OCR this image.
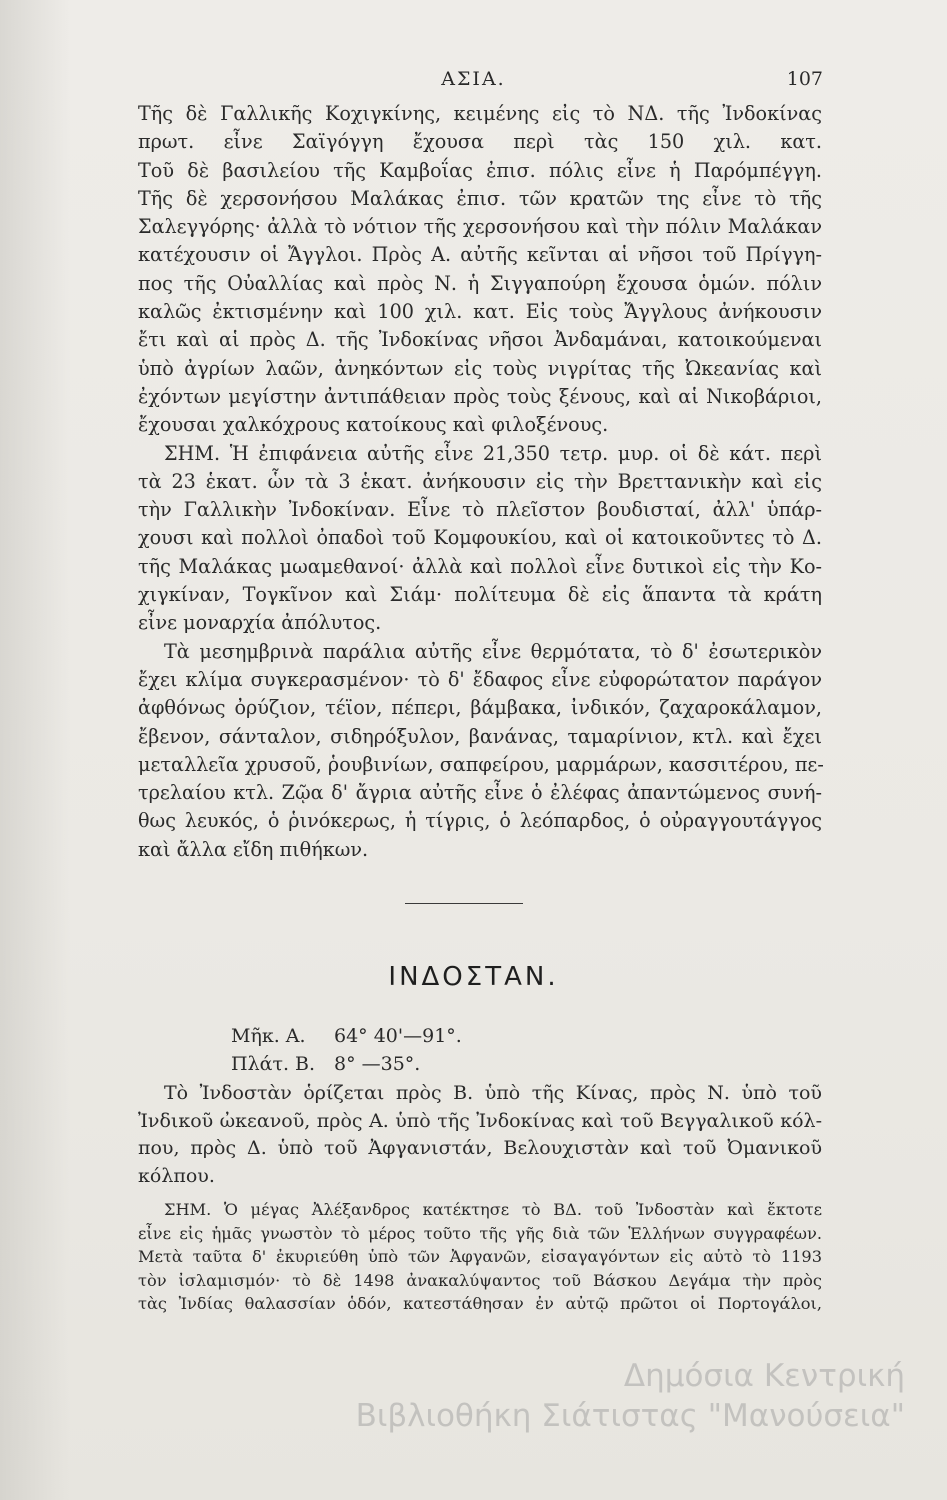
ΑΣΙΑ.	107
Τῆς δὲ Γαλλικῆς Κοχιγκίνης, κειμένης εἰς τὸ ΝΔ. τῆς Ἰνδοκίνας
πρωτ. εἶνε Σαϊγόγγη ἔχουσα περὶ τὰς 150 χιλ. κατ.
Τοῦ δὲ βασιλείου τῆς Καμβοΐας ἐπισ. πόλις εἶνε ἡ Παρόμπέγγη.
Τῆς δὲ χερσονήσου Μαλάκας ἐπισ. τῶν κρατῶν της εἶνε τὸ τῆς
Σαλεγγόρης· ἀλλὰ τὸ νότιον τῆς χερσονήσου καὶ τὴν πόλιν Μαλάκαν
κατέχουσιν οἱ Ἄγγλοι. Πρὸς Α. αὐτῆς κεῖνται αἱ νῆσοι τοῦ Πρίγγη-
πος τῆς Οὐαλλίας καὶ πρὸς Ν. ἡ Σιγγαπούρη ἔχουσα ὁμών. πόλιν
καλῶς ἐκτισμένην καὶ 100 χιλ. κατ. Εἰς τοὺς Ἄγγλους ἀνήκουσιν
ἔτι καὶ αἱ πρὸς Δ. τῆς Ἰνδοκίνας νῆσοι Ἀνδαμάναι, κατοικούμεναι
ὑπὸ ἀγρίων λαῶν, ἀνηκόντων εἰς τοὺς νιγρίτας τῆς Ὠκεανίας καὶ
ἐχόντων μεγίστην ἀντιπάθειαν πρὸς τοὺς ξένους, καὶ αἱ Νικοβάριοι,
ἔχουσαι χαλκόχρους κατοίκους καὶ φιλοξένους.
ΣΗΜ. Ἡ ἐπιφάνεια αὐτῆς εἶνε 21,350 τετρ. μυρ. οἱ δὲ κάτ. περὶ
τὰ 23 ἑκατ. ὧν τὰ 3 ἑκατ. ἀνήκουσιν εἰς τὴν Βρεττανικὴν καὶ εἰς
τὴν Γαλλικὴν Ἰνδοκίναν. Εἶνε τὸ πλεῖστον βουδισταί, ἀλλ' ὑπάρ-
χουσι καὶ πολλοὶ ὀπαδοὶ τοῦ Κομφουκίου, καὶ οἱ κατοικοῦντες τὸ Δ.
τῆς Μαλάκας μωαμεθανοί· ἀλλὰ καὶ πολλοὶ εἶνε δυτικοὶ εἰς τὴν Κο-
χιγκίναν, Τογκῖνον καὶ Σιάμ· πολίτευμα δὲ εἰς ἅπαντα τὰ κράτη
εἶνε μοναρχία ἀπόλυτος.
Τὰ μεσημβρινὰ παράλια αὐτῆς εἶνε θερμότατα, τὸ δ' ἐσωτερικὸν
ἔχει κλίμα συγκερασμένον· τὸ δ' ἔδαφος εἶνε εὐφορώτατον παράγον
ἀφθόνως ὀρύζιον, τέϊον, πέπερι, βάμβακα, ἰνδικόν, ζαχαροκάλαμον,
ἔβενον, σάνταλον, σιδηρόξυλον, βανάνας, ταμαρίνιον, κτλ. καὶ ἔχει
μεταλλεῖα χρυσοῦ, ῥουβινίων, σαπφείρου, μαρμάρων, κασσιτέρου, πε-
τρελαίου κτλ. Ζῷα δ' ἄγρια αὐτῆς εἶνε ὁ ἐλέφας ἀπαντώμενος συνή-
θως λευκός, ὁ ῥινόκερως, ἡ τίγρις, ὁ λεόπαρδος, ὁ οὐραγγουτάγγος
καὶ ἄλλα εἴδη πιθήκων.
ΙΝΔΟΣΤΑΝ.
Μῆκ. Α. 64° 40'—91°.
Πλάτ. Β. 8° —35°.
Τὸ Ἰνδοστὰν ὁρίζεται πρὸς Β. ὑπὸ τῆς Κίνας, πρὸς Ν. ὑπὸ τοῦ
Ἰνδικοῦ ὠκεανοῦ, πρὸς Α. ὑπὸ τῆς Ἰνδοκίνας καὶ τοῦ Βεγγαλικοῦ κόλ-
που, πρὸς Δ. ὑπὸ τοῦ Ἀφγανιστάν, Βελουχιστὰν καὶ τοῦ Ὀμανικοῦ
κόλπου.
ΣΗΜ. Ὁ μέγας Ἀλέξανδρος κατέκτησε τὸ ΒΔ. τοῦ Ἰνδοστὰν καὶ ἔκτοτε
εἶνε εἰς ἡμᾶς γνωστὸν τὸ μέρος τοῦτο τῆς γῆς διὰ τῶν Ἑλλήνων συγγραφέων.
Μετὰ ταῦτα δ' ἐκυριεύθη ὑπὸ τῶν Ἀφγανῶν, εἰσαγαγόντων εἰς αὐτὸ τὸ 1193
τὸν ἰσλαμισμόν· τὸ δὲ 1498 ἀνακαλύψαντος τοῦ Βάσκου Δεγάμα τὴν πρὸς
τὰς Ἰνδίας θαλασσίαν ὁδόν, κατεστάθησαν ἐν αὐτῷ πρῶτοι οἱ Πορτογάλοι,
Δημόσια Κεντρική
Βιβλιοθήκη Σιάτιστας "Μανούσεια"
